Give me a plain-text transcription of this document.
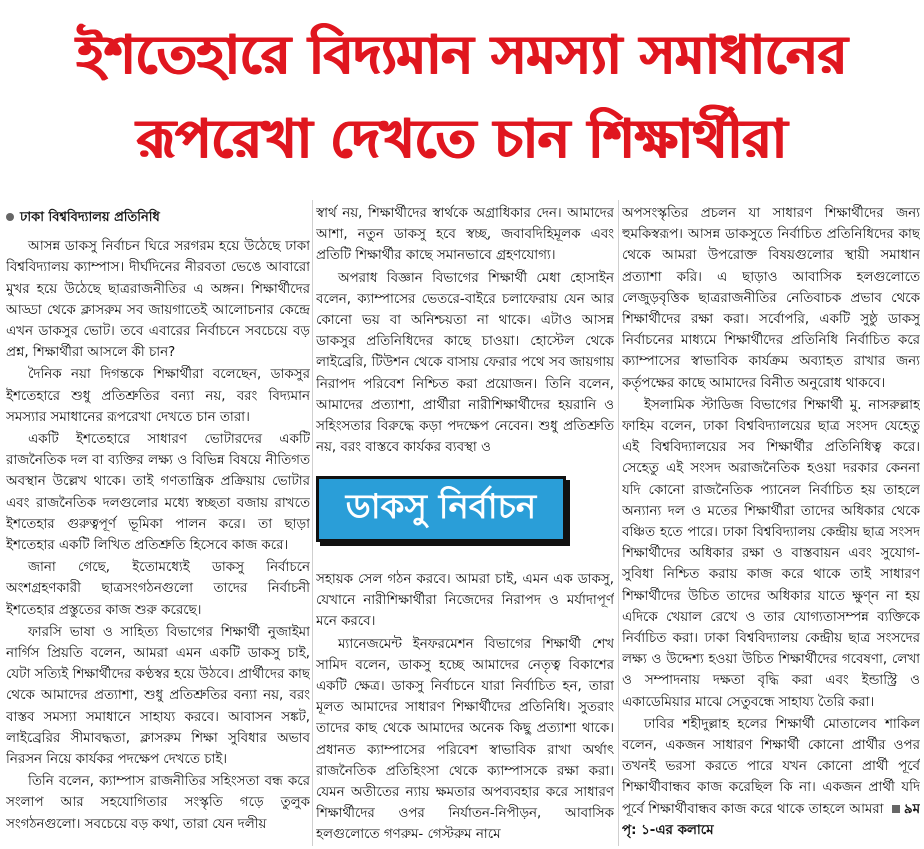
ইশতেহারে বিদ্যমান সমস্যা সমাধানের
রূপরেখা দেখতে চান শিক্ষার্থীরা
ঢাকা বিশ্ববিদ্যালয় প্রতিনিধি

আসন্ন ডাকসু নির্বাচন ঘিরে সরগরম হয়ে উঠেছে ঢাকা বিশ্ববিদ্যালয় ক্যাম্পাস। দীর্ঘদিনের নীরবতা ভেঙে আবারো মুখর হয়ে উঠেছে ছাত্ররাজনীতির এ অঙ্গন। শিক্ষার্থীদের আড্ডা থেকে ক্লাসরুম সব জায়গাতেই আলোচনার কেন্দ্রে এখন ডাকসুর ভোট। তবে এবারের নির্বাচনে সবচেয়ে বড় প্রশ্ন, শিক্ষার্থীরা আসলে কী চান?

দৈনিক নয়া দিগন্তকে শিক্ষার্থীরা বলেছেন, ডাকসুর ইশতেহারে শুধু প্রতিশ্রুতির বন্যা নয়, বরং বিদ্যমান সমস্যার সমাধানের রূপরেখা দেখতে চান তারা।

একটি ইশতেহারে সাধারণ ভোটারদের একটি রাজনৈতিক দল বা ব্যক্তির লক্ষ্য ও বিভিন্ন বিষয়ে নীতিগত অবস্থান উল্লেখ থাকে। তাই গণতান্ত্রিক প্রক্রিয়ায় ভোটার এবং রাজনৈতিক দলগুলোর মধ্যে স্বচ্ছতা বজায় রাখতে ইশতেহার গুরুত্বপূর্ণ ভূমিকা পালন করে। তা ছাড়া ইশতেহার একটি লিখিত প্রতিশ্রুতি হিসেবে কাজ করে।

জানা গেছে, ইতোমধ্যেই ডাকসু নির্বাচনে অংশগ্রহণকারী ছাত্রসংগঠনগুলো তাদের নির্বাচনী ইশতেহার প্রস্তুতের কাজ শুরু করেছে।

ফারসি ভাষা ও সাহিত্য বিভাগের শিক্ষার্থী নুজাইমা নার্গিস প্রিয়তি বলেন, আমরা এমন একটি ডাকসু চাই, যেটা সত্যিই শিক্ষার্থীদের কণ্ঠস্বর হয়ে উঠবে। প্রার্থীদের কাছ থেকে আমাদের প্রত্যাশা, শুধু প্রতিশ্রুতির বন্যা নয়, বরং বাস্তব সমস্যা সমাধানে সাহায্য করবে। আবাসন সঙ্কট, লাইব্রেরির সীমাবদ্ধতা, ক্লাসরুম শিক্ষা সুবিধার অভাব নিরসন নিয়ে কার্যকর পদক্ষেপ দেখতে চাই।

তিনি বলেন, ক্যাম্পাস রাজনীতির সহিংসতা বন্ধ করে সংলাপ আর সহযোগিতার সংস্কৃতি গড়ে তুলুক সংগঠনগুলো। সবচেয়ে বড় কথা, তারা যেন দলীয়

স্বার্থ নয়, শিক্ষার্থীদের স্বার্থকে অগ্রাধিকার দেন। আমাদের আশা, নতুন ডাকসু হবে স্বচ্ছ, জবাবদিহিমূলক এবং প্রতিটি শিক্ষার্থীর কাছে সমানভাবে গ্রহণযোগ্য।

অপরাধ বিজ্ঞান বিভাগের শিক্ষার্থী মেধা হোসাইন বলেন, ক্যাম্পাসের ভেতরে-বাইরে চলাফেরায় যেন আর কোনো ভয় বা অনিশ্চয়তা না থাকে। এটাও আসন্ন ডাকসুর প্রতিনিধিদের কাছে চাওয়া। হোস্টেল থেকে লাইব্রেরি, টিউশন থেকে বাসায় ফেরার পথে সব জায়গায় নিরাপদ পরিবেশ নিশ্চিত করা প্রয়োজন। তিনি বলেন, আমাদের প্রত্যাশা, প্রার্থীরা নারীশিক্ষার্থীদের হয়রানি ও সহিংসতার বিরুদ্ধে কড়া পদক্ষেপ নেবেন। শুধু প্রতিশ্রুতি নয়, বরং বাস্তবে কার্যকর ব্যবস্থা ও

সহায়ক সেল গঠন করবে। আমরা চাই, এমন এক ডাকসু, যেখানে নারীশিক্ষার্থীরা নিজেদের নিরাপদ ও মর্যাদাপূর্ণ মনে করবে।

ম্যানেজমেন্ট ইনফরমেশন বিভাগের শিক্ষার্থী শেখ সামিদ বলেন, ডাকসু হচ্ছে আমাদের নেতৃত্ব বিকাশের একটি ক্ষেত্র। ডাকসু নির্বাচনে যারা নির্বাচিত হন, তারা মূলত আমাদের সাধারণ শিক্ষার্থীদের প্রতিনিধি। সুতরাং তাদের কাছ থেকে আমাদের অনেক কিছু প্রত্যাশা থাকে। প্রধানত ক্যাম্পাসের পরিবেশ স্বাভাবিক রাখা অর্থাৎ রাজনৈতিক প্রতিহিংসা থেকে ক্যাম্পাসকে রক্ষা করা। যেমন অতীতের ন্যায় ক্ষমতার অপব্যবহার করে সাধারণ শিক্ষার্থীদের ওপর নির্যাতন-নিপীড়ন, আবাসিক হলগুলোতে গণরুম- গেস্টরুম নামে

ডাকসু নির্বাচন

অপসংস্কৃতির প্রচলন যা সাধারণ শিক্ষার্থীদের জন্য হুমকিস্বরূপ। আসন্ন ডাকসুতে নির্বাচিত প্রতিনিধিদের কাছ থেকে আমরা উপরোক্ত বিষয়গুলোর স্থায়ী সমাধান প্রত্যাশা করি। এ ছাড়াও আবাসিক হলগুলোতে লেজুড়বৃত্তিক ছাত্ররাজনীতির নেতিবাচক প্রভাব থেকে শিক্ষার্থীদের রক্ষা করা। সর্বোপরি, একটি সুষ্ঠু ডাকসু নির্বাচনের মাধ্যমে শিক্ষার্থীদের প্রতিনিধি নির্বাচিত করে ক্যাম্পাসের স্বাভাবিক কার্যক্রম অব্যাহত রাখার জন্য কর্তৃপক্ষের কাছে আমাদের বিনীত অনুরোধ থাকবে।

ইসলামিক স্টাডিজ বিভাগের শিক্ষার্থী মু. নাসরুল্লাহ ফাহিম বলেন, ঢাকা বিশ্ববিদ্যালয়ের ছাত্র সংসদ যেহেতু এই বিশ্ববিদ্যালয়ের সব শিক্ষার্থীর প্রতিনিধিত্ব করে। সেহেতু এই সংসদ অরাজনৈতিক হওয়া দরকার কেননা যদি কোনো রাজনৈতিক প্যানেল নির্বাচিত হয় তাহলে অন্যান্য দল ও মতের শিক্ষার্থীরা তাদের অধিকার থেকে বঞ্চিত হতে পারে। ঢাকা বিশ্ববিদ্যালয় কেন্দ্রীয় ছাত্র সংসদ শিক্ষার্থীদের অধিকার রক্ষা ও বাস্তবায়ন এবং সুযোগ-সুবিধা নিশ্চিত করায় কাজ করে থাকে তাই সাধারণ শিক্ষার্থীদের উচিত তাদের অধিকার যাতে ক্ষুণ্ন না হয় এদিকে খেয়াল রেখে ও তার যোগ্যতাসম্পন্ন ব্যক্তিকে নির্বাচিত করা। ঢাকা বিশ্ববিদ্যালয় কেন্দ্রীয় ছাত্র সংসদের লক্ষ্য ও উদ্দেশ্য হওয়া উচিত শিক্ষার্থীদের গবেষণা, লেখা ও সম্পাদনায় দক্ষতা বৃদ্ধি করা এবং ইন্ডাস্ট্রি ও একাডেমিয়ার মাঝে সেতুবন্ধে সাহায্য তৈরি করা।

ঢাবির শহীদুল্লাহ হলের শিক্ষার্থী মোতালেব শাকিল বলেন, একজন সাধারণ শিক্ষার্থী কোনো প্রার্থীর ওপর তখনই ভরসা করতে পারে যখন কোনো প্রার্থী পূর্বে শিক্ষার্থীবান্ধব কাজ করেছিল কি না। একজন প্রার্থী যদি পূর্বে শিক্ষার্থীবান্ধব কাজ করে থাকে তাহলে আমরা ৯ম পৃ: ১-এর কলামে
